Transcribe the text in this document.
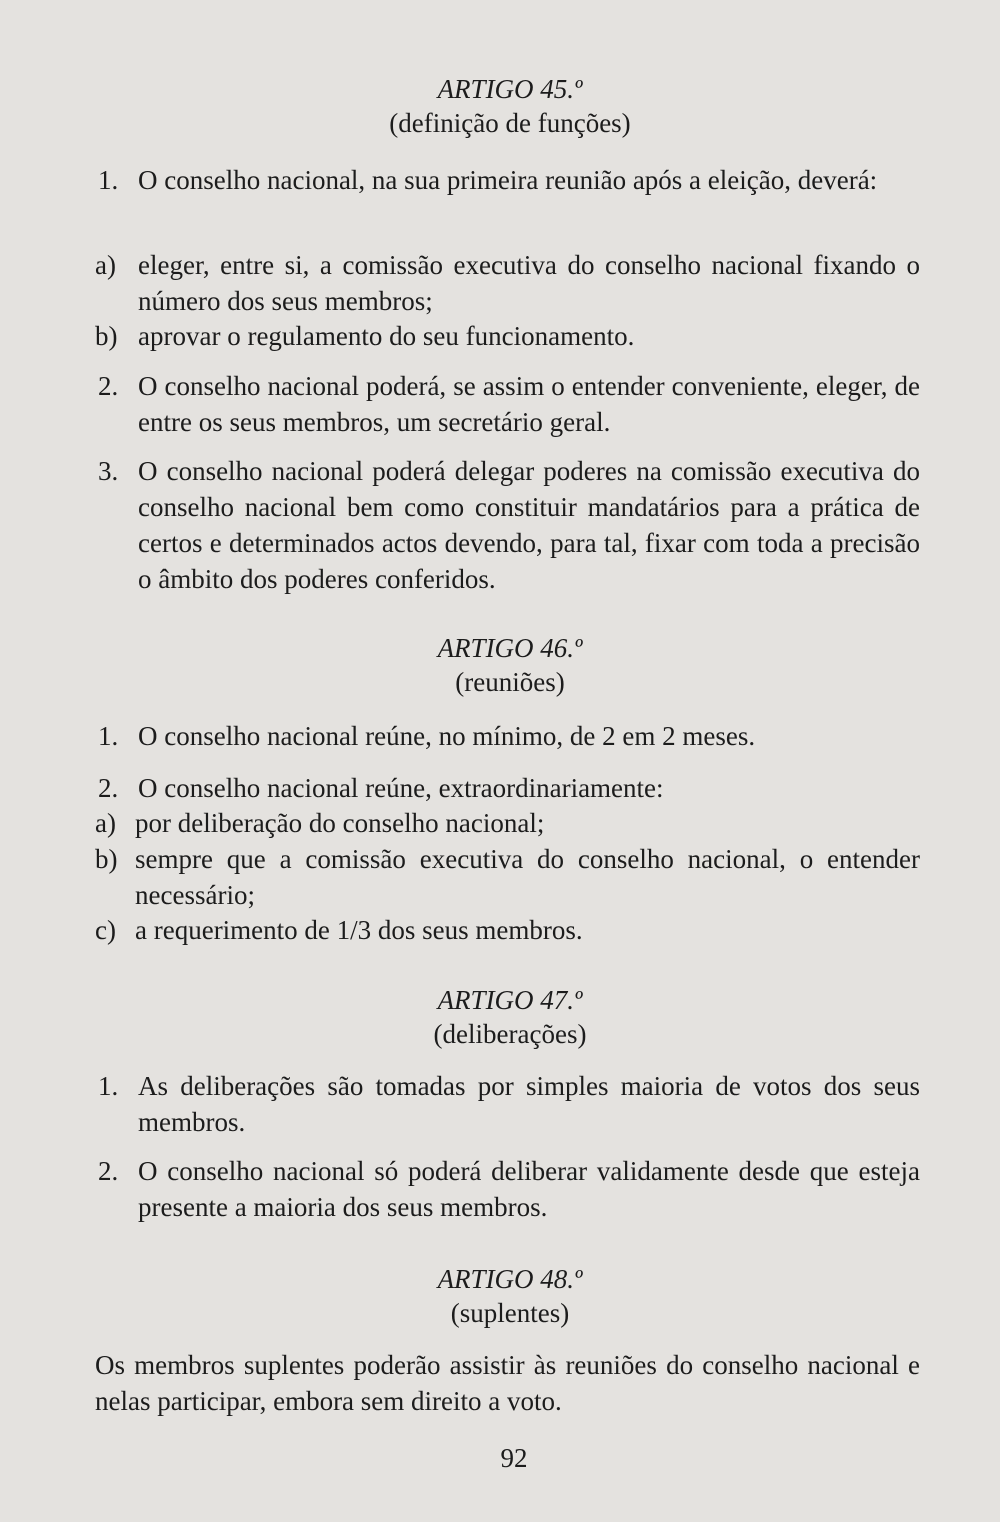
ARTIGO 45.º
(definição de funções)
1. O conselho nacional, na sua primeira reunião após a eleição, deverá:
a) eleger, entre si, a comissão executiva do conselho nacional fixando o número dos seus membros;
b) aprovar o regulamento do seu funcionamento.
2. O conselho nacional poderá, se assim o entender conveniente, eleger, de entre os seus membros, um secretário geral.
3. O conselho nacional poderá delegar poderes na comissão executiva do conselho nacional bem como constituir mandatários para a prática de certos e determinados actos devendo, para tal, fixar com toda a precisão o âmbito dos poderes conferidos.
ARTIGO 46.º
(reuniões)
1. O conselho nacional reúne, no mínimo, de 2 em 2 meses.
2. O conselho nacional reúne, extraordinariamente:
a) por deliberação do conselho nacional;
b) sempre que a comissão executiva do conselho nacional, o entender necessário;
c) a requerimento de 1/3 dos seus membros.
ARTIGO 47.º
(deliberações)
1. As deliberações são tomadas por simples maioria de votos dos seus membros.
2. O conselho nacional só poderá deliberar validamente desde que esteja presente a maioria dos seus membros.
ARTIGO 48.º
(suplentes)
Os membros suplentes poderão assistir às reuniões do conselho nacional e nelas participar, embora sem direito a voto.
92
